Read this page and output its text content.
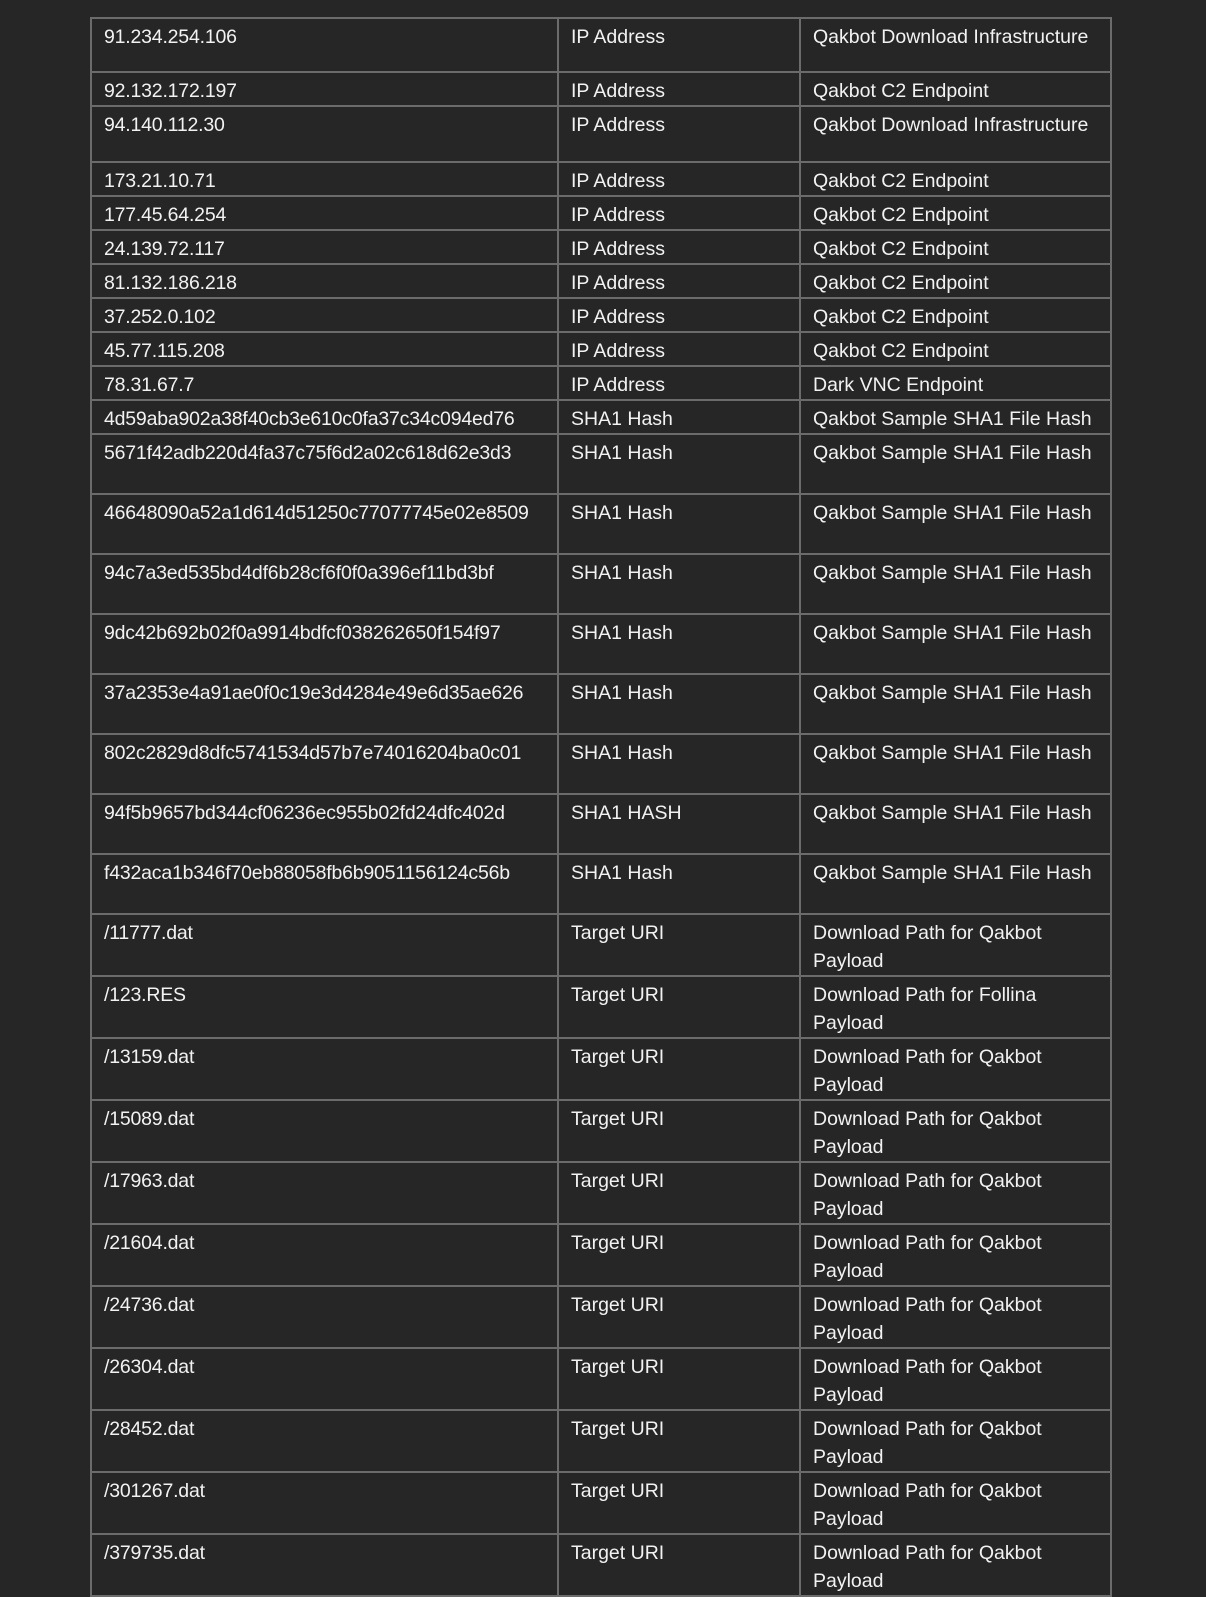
91.234.254.106	IP Address	Qakbot Download Infrastructure
92.132.172.197	IP Address	Qakbot C2 Endpoint
94.140.112.30	IP Address	Qakbot Download Infrastructure
173.21.10.71	IP Address	Qakbot C2 Endpoint
177.45.64.254	IP Address	Qakbot C2 Endpoint
24.139.72.117	IP Address	Qakbot C2 Endpoint
81.132.186.218	IP Address	Qakbot C2 Endpoint
37.252.0.102	IP Address	Qakbot C2 Endpoint
45.77.115.208	IP Address	Qakbot C2 Endpoint
78.31.67.7	IP Address	Dark VNC Endpoint
4d59aba902a38f40cb3e610c0fa37c34c094ed76	SHA1 Hash	Qakbot Sample SHA1 File Hash
5671f42adb220d4fa37c75f6d2a02c618d62e3d3	SHA1 Hash	Qakbot Sample SHA1 File Hash
46648090a52a1d614d51250c77077745e02e8509	SHA1 Hash	Qakbot Sample SHA1 File Hash
94c7a3ed535bd4df6b28cf6f0f0a396ef11bd3bf	SHA1 Hash	Qakbot Sample SHA1 File Hash
9dc42b692b02f0a9914bdfcf038262650f154f97	SHA1 Hash	Qakbot Sample SHA1 File Hash
37a2353e4a91ae0f0c19e3d4284e49e6d35ae626	SHA1 Hash	Qakbot Sample SHA1 File Hash
802c2829d8dfc5741534d57b7e74016204ba0c01	SHA1 Hash	Qakbot Sample SHA1 File Hash
94f5b9657bd344cf06236ec955b02fd24dfc402d	SHA1 HASH	Qakbot Sample SHA1 File Hash
f432aca1b346f70eb88058fb6b9051156124c56b	SHA1 Hash	Qakbot Sample SHA1 File Hash
/11777.dat	Target URI	Download Path for Qakbot Payload
/123.RES	Target URI	Download Path for Follina Payload
/13159.dat	Target URI	Download Path for Qakbot Payload
/15089.dat	Target URI	Download Path for Qakbot Payload
/17963.dat	Target URI	Download Path for Qakbot Payload
/21604.dat	Target URI	Download Path for Qakbot Payload
/24736.dat	Target URI	Download Path for Qakbot Payload
/26304.dat	Target URI	Download Path for Qakbot Payload
/28452.dat	Target URI	Download Path for Qakbot Payload
/301267.dat	Target URI	Download Path for Qakbot Payload
/379735.dat	Target URI	Download Path for Qakbot Payload
